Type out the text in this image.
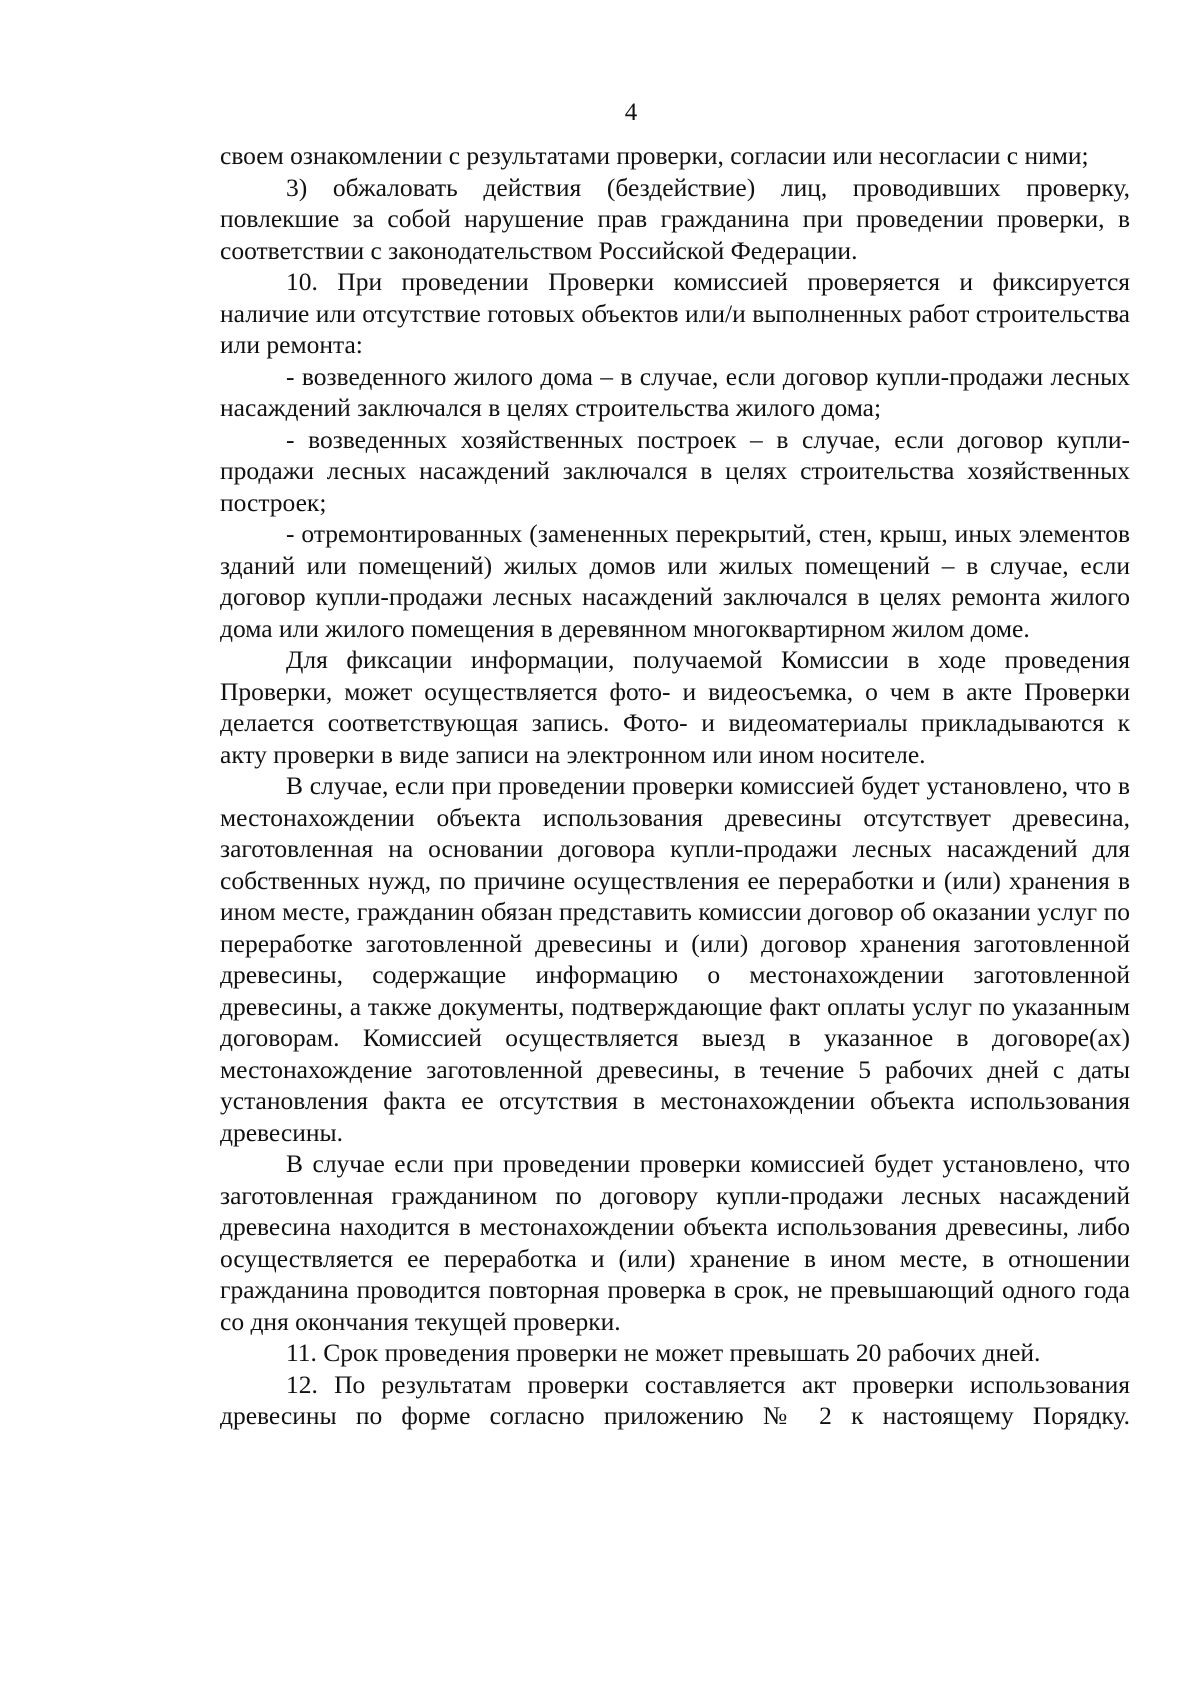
4

своем ознакомлении с результатами проверки, согласии или несогласии с ними;

3) обжаловать действия (бездействие) лиц, проводивших проверку, повлекшие за собой нарушение прав гражданина при проведении проверки, в соответствии с законодательством Российской Федерации.

10. При проведении Проверки комиссией проверяется и фиксируется наличие или отсутствие готовых объектов или/и выполненных работ строительства или ремонта:

- возведенного жилого дома – в случае, если договор купли-продажи лесных насаждений заключался в целях строительства жилого дома;

- возведенных хозяйственных построек – в случае, если договор купли-продажи лесных насаждений заключался в целях строительства хозяйственных построек;

- отремонтированных (замененных перекрытий, стен, крыш, иных элементов зданий или помещений) жилых домов или жилых помещений – в случае, если договор купли-продажи лесных насаждений заключался в целях ремонта жилого дома или жилого помещения в деревянном многоквартирном жилом доме.

Для фиксации информации, получаемой Комиссии в ходе проведения Проверки, может осуществляется фото- и видеосъемка, о чем в акте Проверки делается соответствующая запись. Фото- и видеоматериалы прикладываются к акту проверки в виде записи на электронном или ином носителе.

В случае, если при проведении проверки комиссией будет установлено, что в местонахождении объекта использования древесины отсутствует древесина, заготовленная на основании договора купли-продажи лесных насаждений для собственных нужд, по причине осуществления ее переработки и (или) хранения в ином месте, гражданин обязан представить комиссии договор об оказании услуг по переработке заготовленной древесины и (или) договор хранения заготовленной древесины, содержащие информацию о местонахождении заготовленной древесины, а также документы, подтверждающие факт оплаты услуг по указанным договорам. Комиссией осуществляется выезд в указанное в договоре(ах) местонахождение заготовленной древесины, в течение 5 рабочих дней с даты установления факта ее отсутствия в местонахождении объекта использования древесины.

В случае если при проведении проверки комиссией будет установлено, что заготовленная гражданином по договору купли-продажи лесных насаждений древесина находится в местонахождении объекта использования древесины, либо осуществляется ее переработка и (или) хранение в ином месте, в отношении гражданина проводится повторная проверка в срок, не превышающий одного года со дня окончания текущей проверки.

11. Срок проведения проверки не может превышать 20 рабочих дней.

12. По результатам проверки составляется акт проверки использования древесины по форме согласно приложению № 2 к настоящему Порядку.
